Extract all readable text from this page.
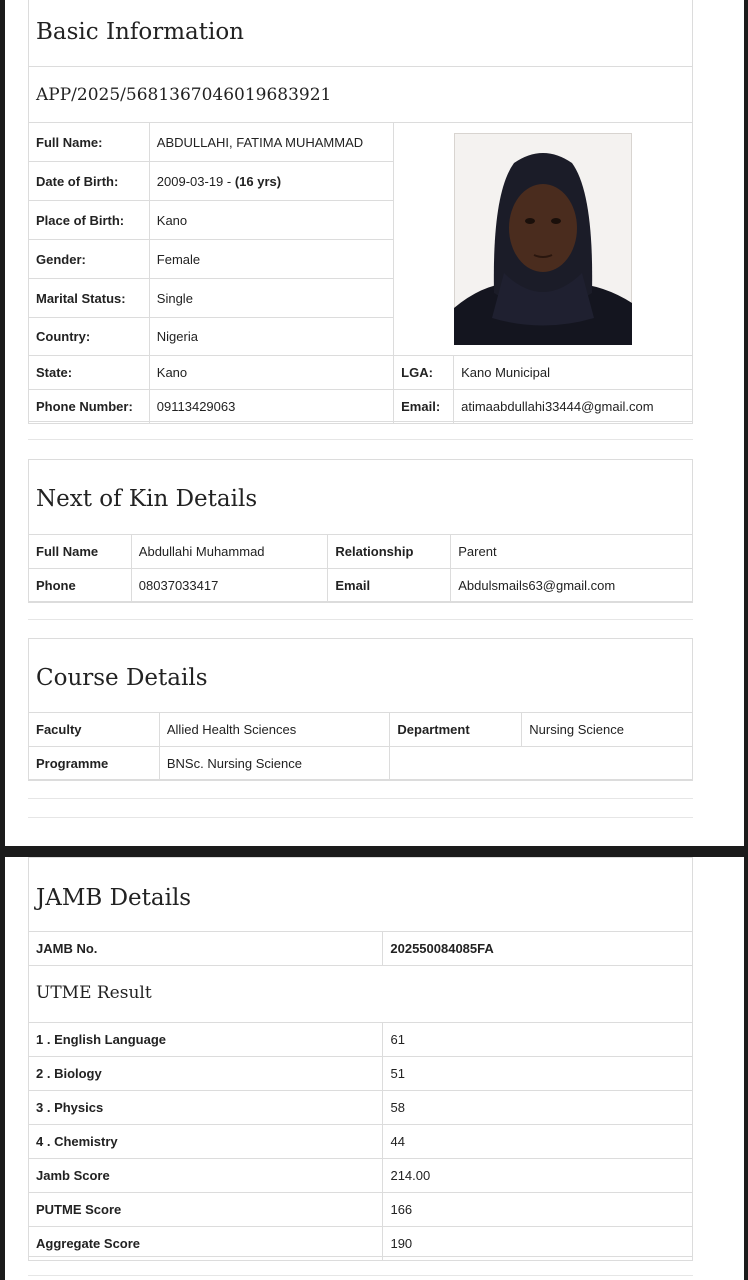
Basic Information
APP/2025/5681367046019683921
Full Name:	ABDULLAHI, FATIMA MUHAMMAD	

Date of Birth:	2009-03-19 - (16 yrs)		
Place of Birth:	Kano		
Gender:	Female		
Marital Status:	Single		
Country:	Nigeria		
State:	Kano	LGA:	Kano Municipal
Phone Number:	09113429063	Email:	atimaabdullahi33444@gmail.com
Next of Kin Details
Full Name	Abdullahi Muhammad	Relationship	Parent
Phone	08037033417	Email	Abdulsmails63@gmail.com
Course Details
Faculty	Allied Health Sciences	Department	Nursing Science
Programme	BNSc. Nursing Science		
JAMB Details
JAMB No.	202550084085FA
UTME Result
1 . English Language	61
2 . Biology	51
3 . Physics	58
4 . Chemistry	44
Jamb Score	214.00
PUTME Score	166
Aggregate Score	190
